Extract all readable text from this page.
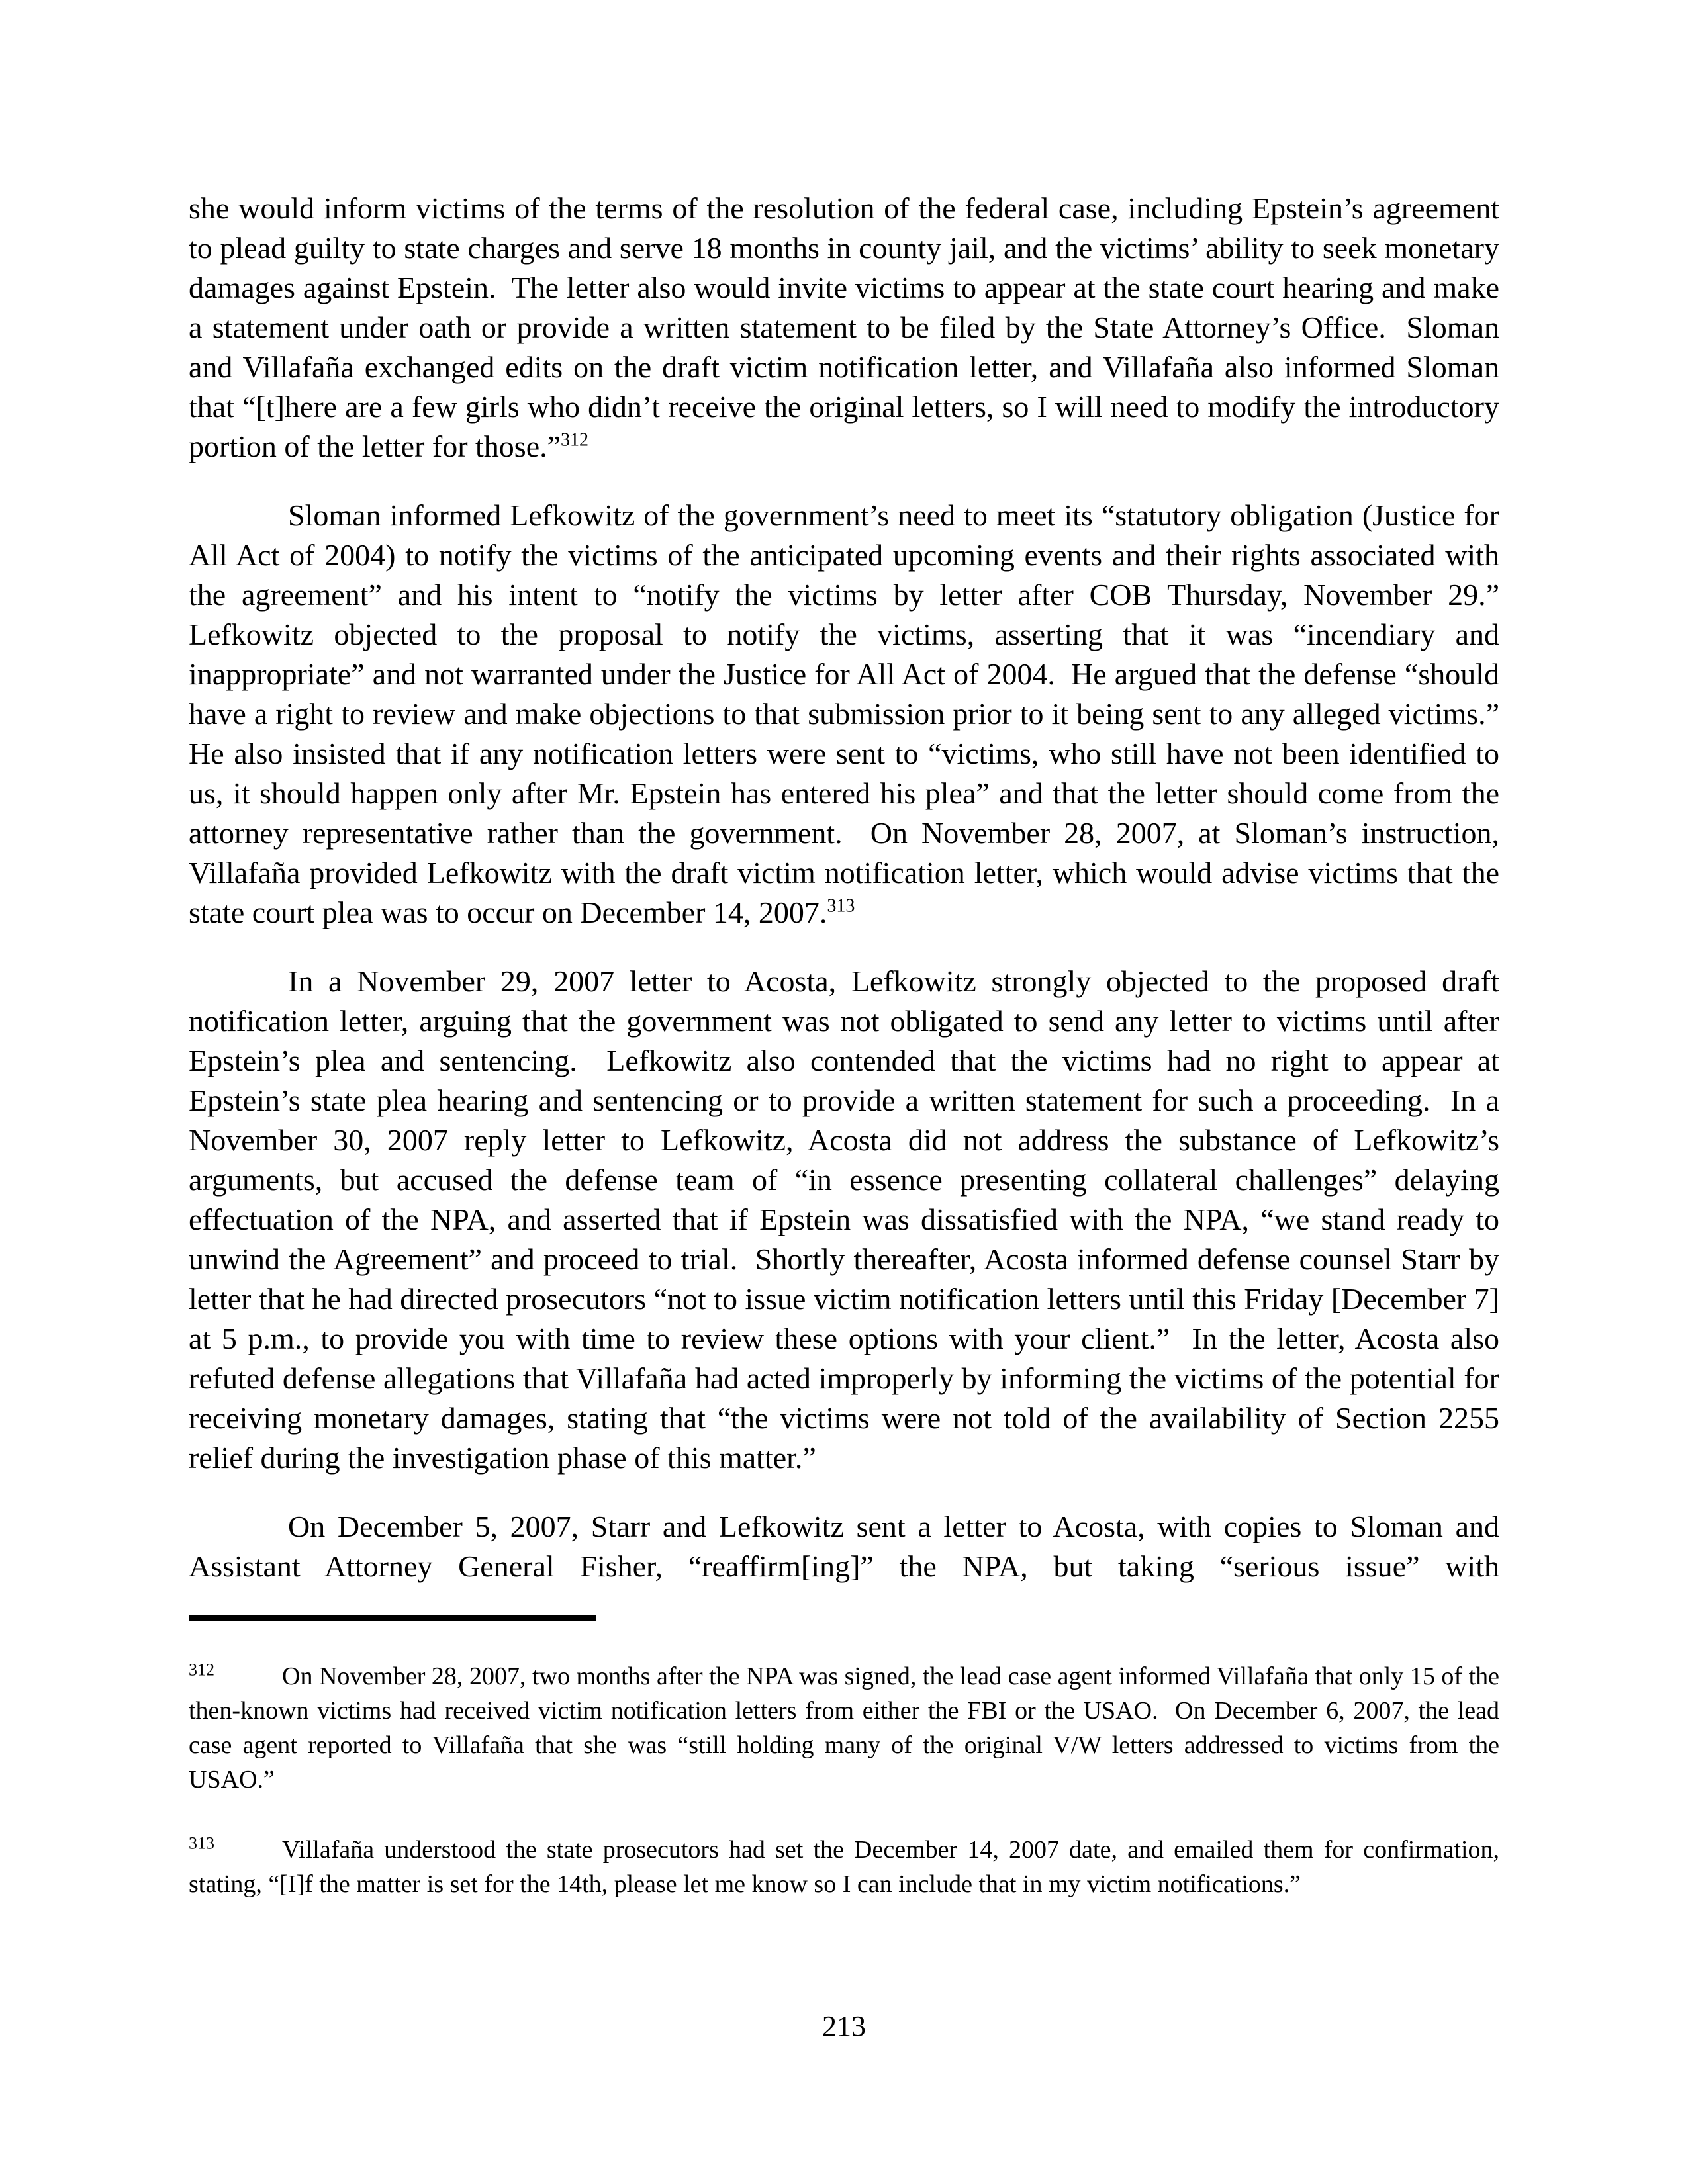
she would inform victims of the terms of the resolution of the federal case, including Epstein’s agreement to plead guilty to state charges and serve 18 months in county jail, and the victims’ ability to seek monetary damages against Epstein.  The letter also would invite victims to appear at the state court hearing and make a statement under oath or provide a written statement to be filed by the State Attorney’s Office.  Sloman and Villafaña exchanged edits on the draft victim notification letter, and Villafaña also informed Sloman that “[t]here are a few girls who didn’t receive the original letters, so I will need to modify the introductory portion of the letter for those.”$^{312}$

Sloman informed Lefkowitz of the government’s need to meet its “statutory obligation (Justice for All Act of 2004) to notify the victims of the anticipated upcoming events and their rights associated with the agreement” and his intent to “notify the victims by letter after COB Thursday, November 29.”  Lefkowitz objected to the proposal to notify the victims, asserting that it was “incendiary and inappropriate” and not warranted under the Justice for All Act of 2004.  He argued that the defense “should have a right to review and make objections to that submission prior to it being sent to any alleged victims.”  He also insisted that if any notification letters were sent to “victims, who still have not been identified to us, it should happen only after Mr. Epstein has entered his plea” and that the letter should come from the attorney representative rather than the government.  On November 28, 2007, at Sloman’s instruction, Villafaña provided Lefkowitz with the draft victim notification letter, which would advise victims that the state court plea was to occur on December 14, 2007.$^{313}$

In a November 29, 2007 letter to Acosta, Lefkowitz strongly objected to the proposed draft notification letter, arguing that the government was not obligated to send any letter to victims until after Epstein’s plea and sentencing.  Lefkowitz also contended that the victims had no right to appear at Epstein’s state plea hearing and sentencing or to provide a written statement for such a proceeding.  In a November 30, 2007 reply letter to Lefkowitz, Acosta did not address the substance of Lefkowitz’s arguments, but accused the defense team of “in essence presenting collateral challenges” delaying effectuation of the NPA, and asserted that if Epstein was dissatisfied with the NPA, “we stand ready to unwind the Agreement” and proceed to trial.  Shortly thereafter, Acosta informed defense counsel Starr by letter that he had directed prosecutors “not to issue victim notification letters until this Friday [December 7] at 5 p.m., to provide you with time to review these options with your client.”  In the letter, Acosta also refuted defense allegations that Villafaña had acted improperly by informing the victims of the potential for receiving monetary damages, stating that “the victims were not told of the availability of Section 2255 relief during the investigation phase of this matter.”

On December 5, 2007, Starr and Lefkowitz sent a letter to Acosta, with copies to Sloman and Assistant Attorney General Fisher, “reaffirm[ing]” the NPA, but taking “serious issue” with

$^{312}$	On November 28, 2007, two months after the NPA was signed, the lead case agent informed Villafaña that only 15 of the then-known victims had received victim notification letters from either the FBI or the USAO.  On December 6, 2007, the lead case agent reported to Villafaña that she was “still holding many of the original V/W letters addressed to victims from the USAO.”
$^{313}$	Villafaña understood the state prosecutors had set the December 14, 2007 date, and emailed them for confirmation, stating, “[I]f the matter is set for the 14th, please let me know so I can include that in my victim notifications.”
213
